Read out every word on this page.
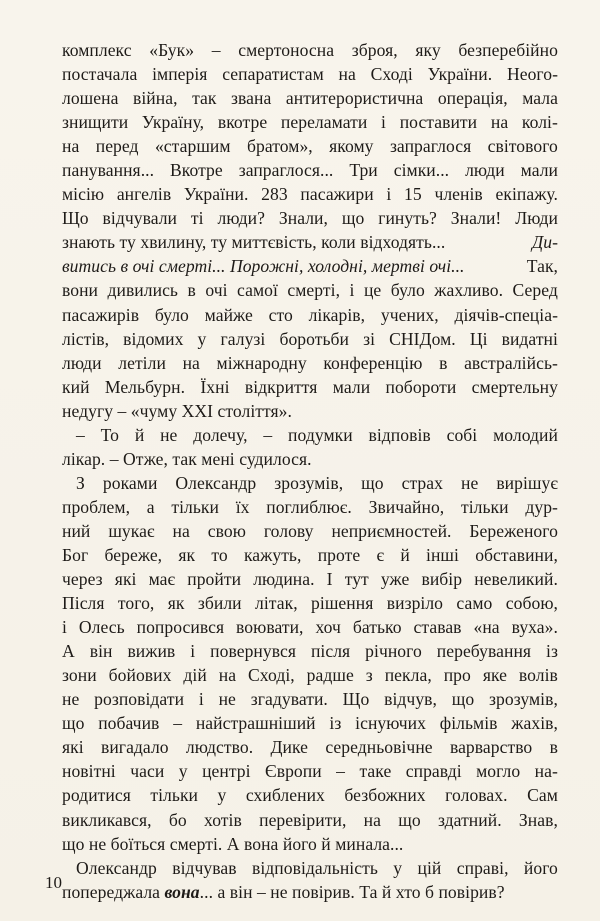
комплекс «Бук» – смертоносна зброя, яку безперебійно
постачала імперія сепаратистам на Сході України. Неого-
лошена війна, так звана антитерористична операція, мала
знищити Україну, вкотре переламати і поставити на колі-
на перед «старшим братом», якому запраглося світового
панування... Вкотре запраглося... Три сімки... люди мали
місію ангелів України. 283 пасажири і 15 членів екіпажу.
Що відчували ті люди? Знали, що гинуть? Знали! Люди
знають ту хвилину, ту миттєвість, коли відходять...	Ди-
витись в очі смерті... Порожні, холодні, мертві очі...	Так,
вони дивились в очі самої смерті, і це було жахливо. Серед
пасажирів було майже сто лікарів, учених, діячів-спеціа-
лістів, відомих у галузі боротьби зі СНІДом. Ці видатні
люди летіли на міжнародну конференцію в австралійсь-
кий Мельбурн. Їхні відкриття мали побороти смертельну
недугу – «чуму XXI століття».
– То й не долечу, – подумки відповів собі молодий
лікар. – Отже, так мені судилося.
З роками Олександр зрозумів, що страх не вирішує
проблем, а тільки їх поглиблює. Звичайно, тільки дур-
ний шукає на свою голову неприємностей. Береженого
Бог береже, як то кажуть, проте є й інші обставини,
через які має пройти людина. І тут уже вибір невеликий.
Після того, як збили літак, рішення визріло само собою,
і Олесь попросився воювати, хоч батько ставав «на вуха».
А він вижив і повернувся після річного перебування із
зони бойових дій на Сході, радше з пекла, про яке волів
не розповідати і не згадувати. Що відчув, що зрозумів,
що побачив – найстрашніший із існуючих фільмів жахів,
які вигадало людство. Дике середньовічне варварство в
новітні часи у центрі Європи – таке справді могло на-
родитися тільки у схиблених безбожних головах. Сам
викликався, бо хотів перевірити, на що здатний. Знав,
що не боїться смерті. А вона його й минала...
Олександр відчував відповідальність у цій справі, його
попереджала вона... а він – не повірив. Та й хто б повірив?
10
